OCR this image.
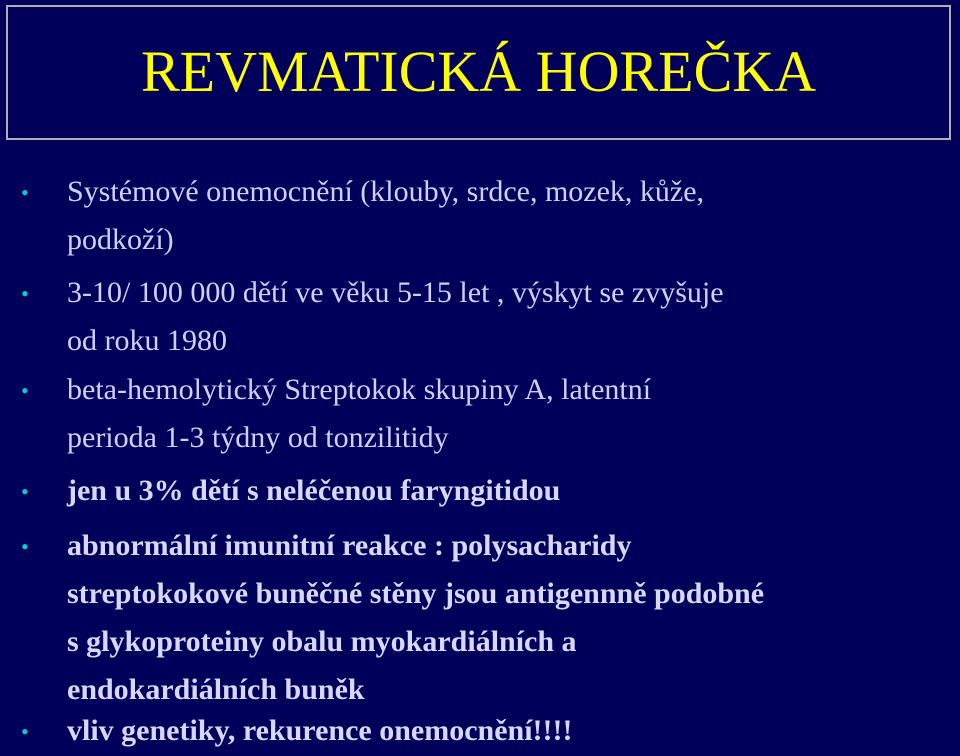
REVMATICKÁ HOREČKA
• Systémové onemocnění (klouby, srdce, mozek, kůže,
podkoží)
• 3-10/ 100 000 dětí ve věku 5-15 let , výskyt se zvyšuje
od roku 1980
• beta-hemolytický Streptokok skupiny A, latentní
perioda 1-3 týdny od tonzilitidy
• jen u 3% dětí s neléčenou faryngitidou
• abnormální imunitní reakce : polysacharidy
streptokokové buněčné stěny jsou antigennně podobné
s glykoproteiny obalu myokardiálních a
endokardiálních buněk
• vliv genetiky, rekurence onemocnění!!!!
